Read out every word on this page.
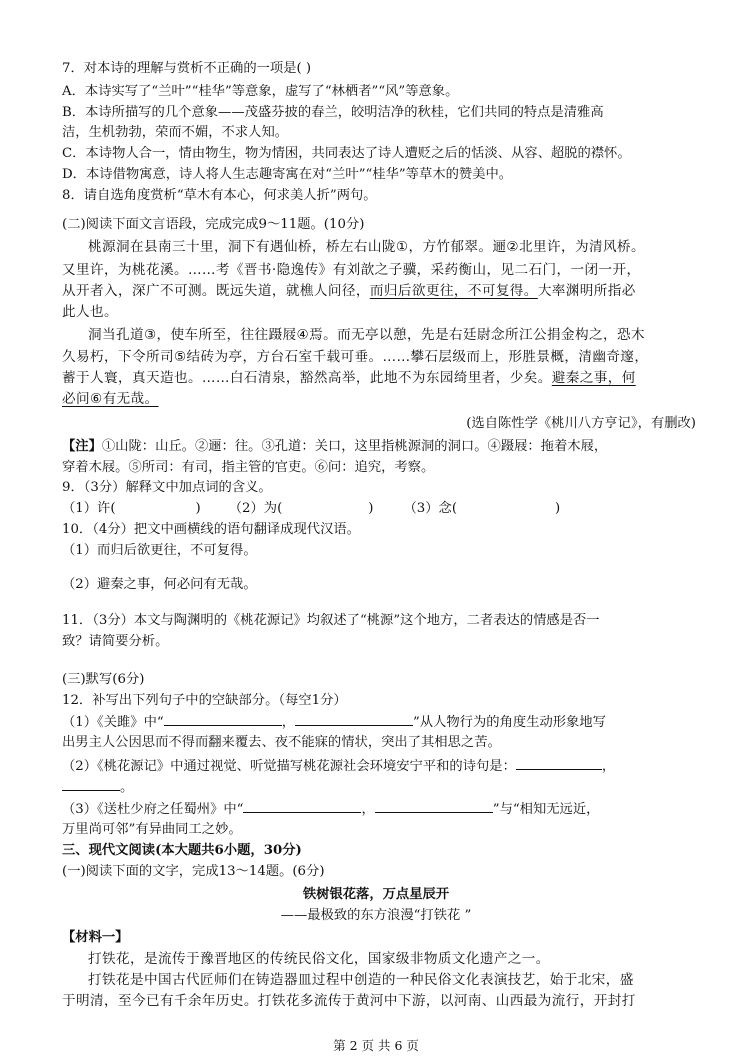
7．对本诗的理解与赏析不正确的一项是( )
A．本诗实写了“兰叶”“桂华”等意象，虚写了“林栖者”“风”等意象。
B．本诗所描写的几个意象——茂盛芬披的春兰，皎明洁净的秋桂，它们共同的特点是清雅高
洁，生机勃勃，荣而不媚，不求人知。
C．本诗物人合一，情由物生，物为情困，共同表达了诗人遭贬之后的恬淡、从容、超脱的襟怀。
D．本诗借物寓意，诗人将人生志趣寄寓在对“兰叶”“桂华”等草木的赞美中。
8．请自选角度赏析“草木有本心，何求美人折”两句。
(二)阅读下面文言语段，完成完成9～11题。(10分)
桃源洞在县南三十里，洞下有遇仙桥，桥左右山陇①，方竹郁翠。逦②北里许，为清风桥。
又里许，为桃花溪。……考《晋书·隐逸传》有刘歆之子骥，采药衡山，见二石门，一闭一开，
从开者入，深广不可测。既远失道，就樵人问径，而归后欲更往，不可复得。大率渊明所指必
此人也。
洞当孔道③，使车所至，往往蹑屐④焉。而无亭以憩，先是右廷尉念所江公捐金构之，恐木
久易朽，下令所司⑤结砖为亭，方台石室千载可垂。……攀石层级而上，形胜景概，清幽奇邃，
蓄于人寰，真天造也。……白石清泉，豁然高举，此地不为东园绮里者，少矣。避秦之事，何
必问⑥有无哉。
(选自陈性学《桃川八方亨记》，有删改)
【注】①山陇：山丘。②逦：往。③孔道：关口，这里指桃源洞的洞口。④蹑屐：拖着木屐，
穿着木屐。⑤所司：有司，指主管的官吏。⑥问：追究，考察。
9．（3分）解释文中加点词的含义。
（1）许(	) （2）为(	) （3）念(	)
10．（4分）把文中画横线的语句翻译成现代汉语。
（1）而归后欲更往，不可复得。
（2）避秦之事，何必问有无哉。
11．（3分）本文与陶渊明的《桃花源记》均叙述了“桃源”这个地方，二者表达的情感是否一
致？请简要分析。
(三)默写(6分)
12．补写出下列句子中的空缺部分。（每空1分）
（1）《关雎》中“	，	”从人物行为的角度生动形象地写
出男主人公因思而不得而翻来覆去、夜不能寐的情状，突出了其相思之苦。
（2）《桃花源记》中通过视觉、听觉描写桃花源社会环境安宁平和的诗句是：	，
。
（3）《送杜少府之任蜀州》中“	，	”与“相知无远近，
万里尚可邻”有异曲同工之妙。
三、现代文阅读(本大题共6小题，30分)
(一)阅读下面的文字，完成13～14题。(6分)
铁树银花落，万点星辰开
——最极致的东方浪漫“打铁花 ”
【材料一】
打铁花，是流传于豫晋地区的传统民俗文化，国家级非物质文化遗产之一。
打铁花是中国古代匠师们在铸造器皿过程中创造的一种民俗文化表演技艺，始于北宋，盛
于明清，至今已有千余年历史。打铁花多流传于黄河中下游，以河南、山西最为流行，开封打
第 2 页 共 6 页
